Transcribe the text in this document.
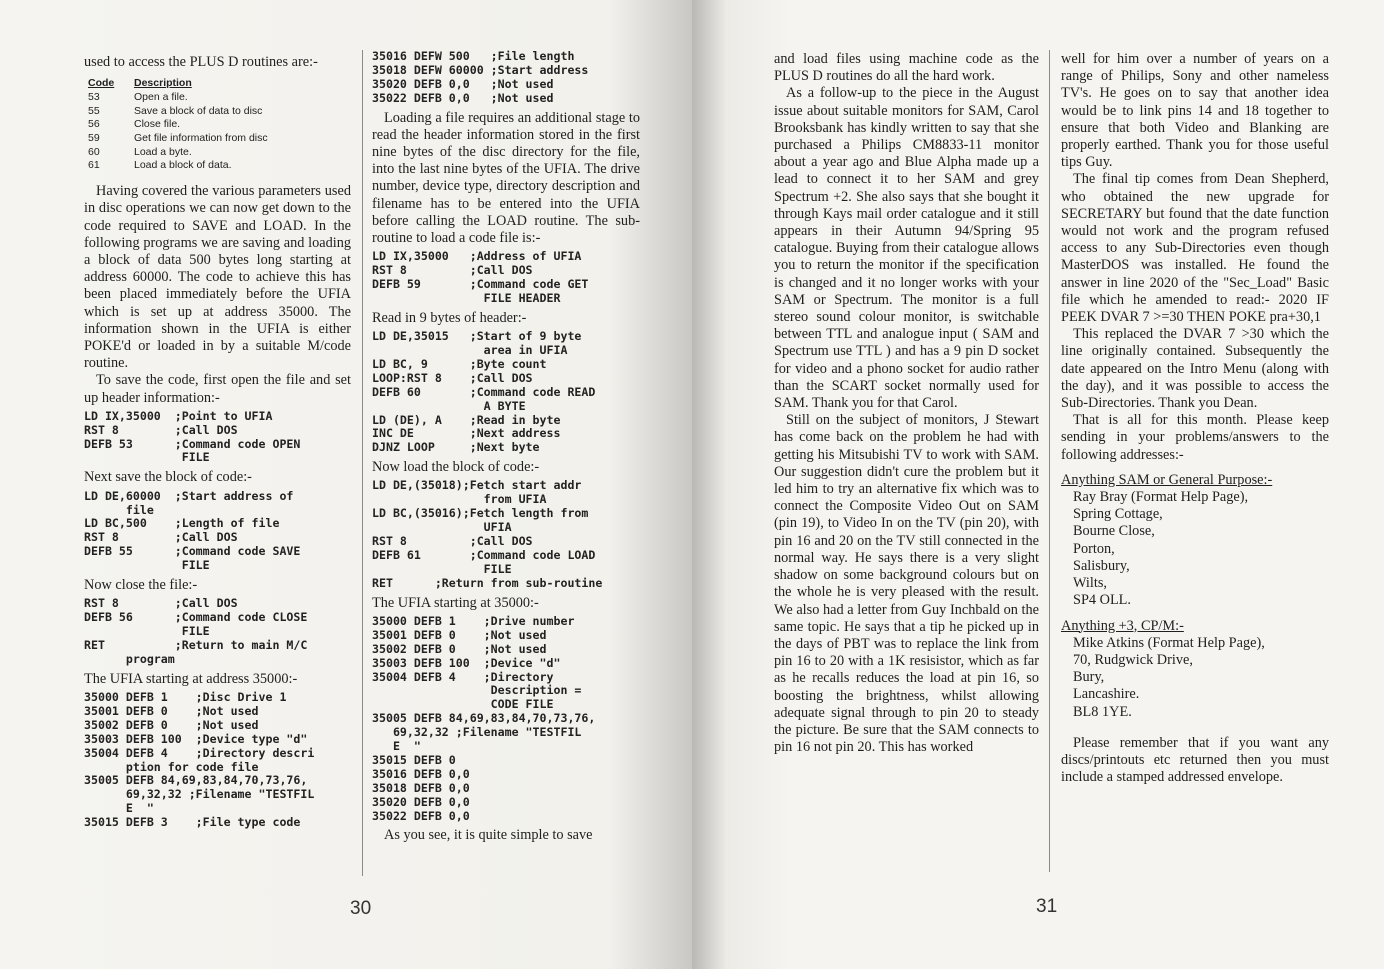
used to access the PLUS D routines are:-

Code	Description
53	Open a file.
55	Save a block of data to disc
56	Close file.
59	Get file information from disc
60	Load a byte.
61	Load a block of data.

Having covered the various parameters used in disc operations we can now get down to the code required to SAVE and LOAD. In the following programs we are saving and loading a block of data 500 bytes long starting at address 60000. The code to achieve this has been placed immediately before the UFIA which is set up at address 35000. The information shown in the UFIA is either POKE'd or loaded in by a suitable M/code routine.

To save the code, first open the file and set up header information:-

LD IX,35000  ;Point to UFIA
RST 8        ;Call DOS
DEFB 53      ;Command code OPEN
FILE

Next save the block of code:-

LD DE,60000  ;Start address of
file
LD BC,500    ;Length of file
RST 8        ;Call DOS
DEFB 55      ;Command code SAVE
FILE

Now close the file:-

RST 8        ;Call DOS
DEFB 56      ;Command code CLOSE
FILE
RET          ;Return to main M/C
program

The UFIA starting at address 35000:-

35000 DEFB 1    ;Disc Drive 1
35001 DEFB 0    ;Not used
35002 DEFB 0    ;Not used
35003 DEFB 100  ;Device type "d"
35004 DEFB 4    ;Directory descri
ption for code file
35005 DEFB 84,69,83,84,70,73,76,
69,32,32 ;Filename "TESTFIL
E  "
35015 DEFB 3    ;File type code
35016 DEFW 500   ;File length
35018 DEFW 60000 ;Start address
35020 DEFB 0,0   ;Not used
35022 DEFB 0,0   ;Not used

Loading a file requires an additional stage to read the header information stored in the first nine bytes of the disc directory for the file, into the last nine bytes of the UFIA. The drive number, device type, directory description and filename has to be entered into the UFIA before calling the LOAD routine. The sub-routine to load a code file is:-

LD IX,35000   ;Address of UFIA
RST 8         ;Call DOS
DEFB 59       ;Command code GET
FILE HEADER

Read in 9 bytes of header:-

LD DE,35015   ;Start of 9 byte
area in UFIA
LD BC, 9      ;Byte count
LOOP:RST 8    ;Call DOS
DEFB 60       ;Command code READ
A BYTE
LD (DE), A    ;Read in byte
INC DE        ;Next address
DJNZ LOOP     ;Next byte

Now load the block of code:-

LD DE,(35018);Fetch start addr
from UFIA
LD BC,(35016);Fetch length from
UFIA
RST 8         ;Call DOS
DEFB 61       ;Command code LOAD
FILE
RET      ;Return from sub-routine

The UFIA starting at 35000:-

35000 DEFB 1    ;Drive number
35001 DEFB 0    ;Not used
35002 DEFB 0    ;Not used
35003 DEFB 100  ;Device "d"
35004 DEFB 4    ;Directory
Description =
CODE FILE
35005 DEFB 84,69,83,84,70,73,76,
69,32,32 ;Filename "TESTFIL
E  "
35015 DEFB 0
35016 DEFB 0,0
35018 DEFB 0,0
35020 DEFB 0,0
35022 DEFB 0,0

As you see, it is quite simple to save

30

and load files using machine code as the PLUS D routines do all the hard work.

As a follow-up to the piece in the August issue about suitable monitors for SAM, Carol Brooksbank has kindly written to say that she purchased a Philips CM8833-11 monitor about a year ago and Blue Alpha made up a lead to connect it to her SAM and grey Spectrum +2. She also says that she bought it through Kays mail order catalogue and it still appears in their Autumn 94/Spring 95 catalogue. Buying from their catalogue allows you to return the monitor if the specification is changed and it no longer works with your SAM or Spectrum. The monitor is a full stereo sound colour monitor, is switchable between TTL and analogue input ( SAM and Spectrum use TTL ) and has a 9 pin D socket for video and a phono socket for audio rather than the SCART socket normally used for SAM. Thank you for that Carol.

Still on the subject of monitors, J Stewart has come back on the problem he had with getting his Mitsubishi TV to work with SAM. Our suggestion didn't cure the problem but it led him to try an alternative fix which was to connect the Composite Video Out on SAM (pin 19), to Video In on the TV (pin 20), with pin 16 and 20 on the TV still connected in the normal way. He says there is a very slight shadow on some background colours but on the whole he is very pleased with the result. We also had a letter from Guy Inchbald on the same topic. He says that a tip he picked up in the days of PBT was to replace the link from pin 16 to 20 with a 1K resisistor, which as far as he recalls reduces the load at pin 16, so boosting the brightness, whilst allowing adequate signal through to pin 20 to steady the picture. Be sure that the SAM connects to pin 16 not pin 20. This has worked

well for him over a number of years on a range of Philips, Sony and other nameless TV's. He goes on to say that another idea would be to link pins 14 and 18 together to ensure that both Video and Blanking are properly earthed. Thank you for those useful tips Guy.

The final tip comes from Dean Shepherd, who obtained the new upgrade for SECRETARY but found that the date function would not work and the program refused access to any Sub-Directories even though MasterDOS was installed. He found the answer in line 2020 of the "Sec_Load" Basic file which he amended to read:- 2020 IF PEEK DVAR 7 >=30 THEN POKE pra+30,1

This replaced the DVAR 7 >30 which the line originally contained. Subsequently the date appeared on the Intro Menu (along with the day), and it was possible to access the Sub-Directories. Thank you Dean.

That is all for this month. Please keep sending in your problems/answers to the following addresses:-

Anything SAM or General Purpose:-
Ray Bray (Format Help Page),
Spring Cottage,
Bourne Close,
Porton,
Salisbury,
Wilts,
SP4 OLL.
Anything +3, CP/M:-
Mike Atkins (Format Help Page),
70, Rudgwick Drive,
Bury,
Lancashire.
BL8 1YE.

Please remember that if you want any discs/printouts etc returned then you must include a stamped addressed envelope.

31
